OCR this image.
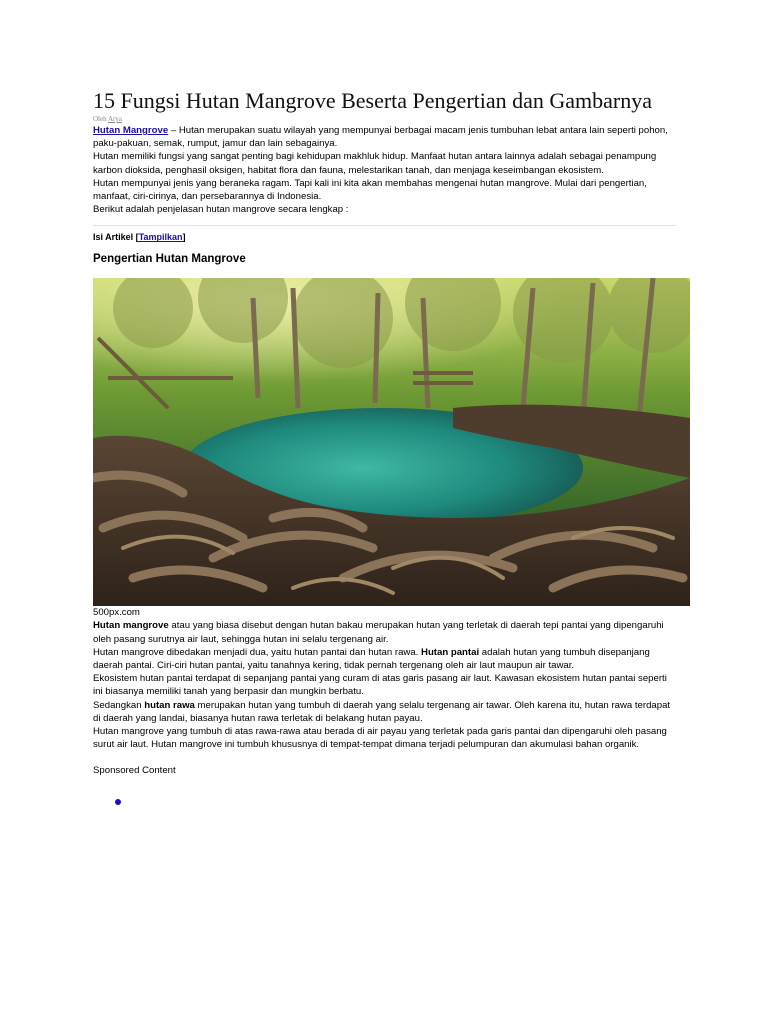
15 Fungsi Hutan Mangrove Beserta Pengertian dan Gambarnya
Oleh Arya

Hutan Mangrove – Hutan merupakan suatu wilayah yang mempunyai berbagai macam jenis tumbuhan lebat antara lain seperti pohon, paku-pakuan, semak, rumput, jamur dan lain sebagainya.

Hutan memiliki fungsi yang sangat penting bagi kehidupan makhluk hidup. Manfaat hutan antara lainnya adalah sebagai penampung karbon dioksida, penghasil oksigen, habitat flora dan fauna, melestarikan tanah, dan menjaga keseimbangan ekosistem.

Hutan mempunyai jenis yang beraneka ragam. Tapi kali ini kita akan membahas mengenai hutan mangrove. Mulai dari pengertian, manfaat, ciri-cirinya, dan persebarannya di Indonesia.

Berikut adalah penjelasan hutan mangrove secara lengkap :

Isi Artikel [Tampilkan]
Pengertian Hutan Mangrove
500px.com

Hutan mangrove atau yang biasa disebut dengan hutan bakau merupakan hutan yang terletak di daerah tepi pantai yang dipengaruhi oleh pasang surutnya air laut, sehingga hutan ini selalu tergenang air.

Hutan mangrove dibedakan menjadi dua, yaitu hutan pantai dan hutan rawa. Hutan pantai adalah hutan yang tumbuh disepanjang daerah pantai. Ciri-ciri hutan pantai, yaitu tanahnya kering, tidak pernah tergenang oleh air laut maupun air tawar.

Ekosistem hutan pantai terdapat di sepanjang pantai yang curam di atas garis pasang air laut. Kawasan ekosistem hutan pantai seperti ini biasanya memiliki tanah yang berpasir dan mungkin berbatu.

Sedangkan hutan rawa merupakan hutan yang tumbuh di daerah yang selalu tergenang air tawar. Oleh karena itu, hutan rawa terdapat di daerah yang landai, biasanya hutan rawa terletak di belakang hutan payau.

Hutan mangrove yang tumbuh di atas rawa-rawa atau berada di air payau yang terletak pada garis pantai dan dipengaruhi oleh pasang surut air laut. Hutan mangrove ini tumbuh khususnya di tempat-tempat dimana terjadi pelumpuran dan akumulasi bahan organik.

Sponsored Content
